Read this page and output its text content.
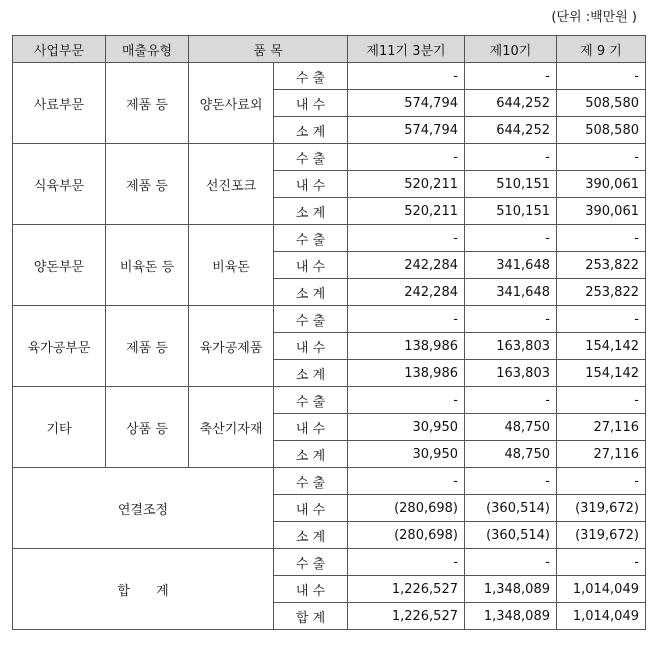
(단위 :백만원 )
사업부문	매출유형	품 목		제11기 3분기	제10기	제 9 기
사료부문	제품 등	양돈사료외	수 출	-	-	-
			내 수	574,794	644,252	508,580
			소 계	574,794	644,252	508,580
식육부문	제품 등	선진포크	수 출	-	-	-
			내 수	520,211	510,151	390,061
			소 계	520,211	510,151	390,061
양돈부문	비육돈 등	비육돈	수 출	-	-	-
			내 수	242,284	341,648	253,822
			소 계	242,284	341,648	253,822
육가공부문	제품 등	육가공제품	수 출	-	-	-
			내 수	138,986	163,803	154,142
			소 계	138,986	163,803	154,142
기타	상품 등	축산기자재	수 출	-	-	-
			내 수	30,950	48,750	27,116
			소 계	30,950	48,750	27,116
연결조정			수 출	-	-	-
			내 수	(280,698)	(360,514)	(319,672)
			소 계	(280,698)	(360,514)	(319,672)
합 계			수 출	-	-	-
			내 수	1,226,527	1,348,089	1,014,049
			합 계	1,226,527	1,348,089	1,014,049
